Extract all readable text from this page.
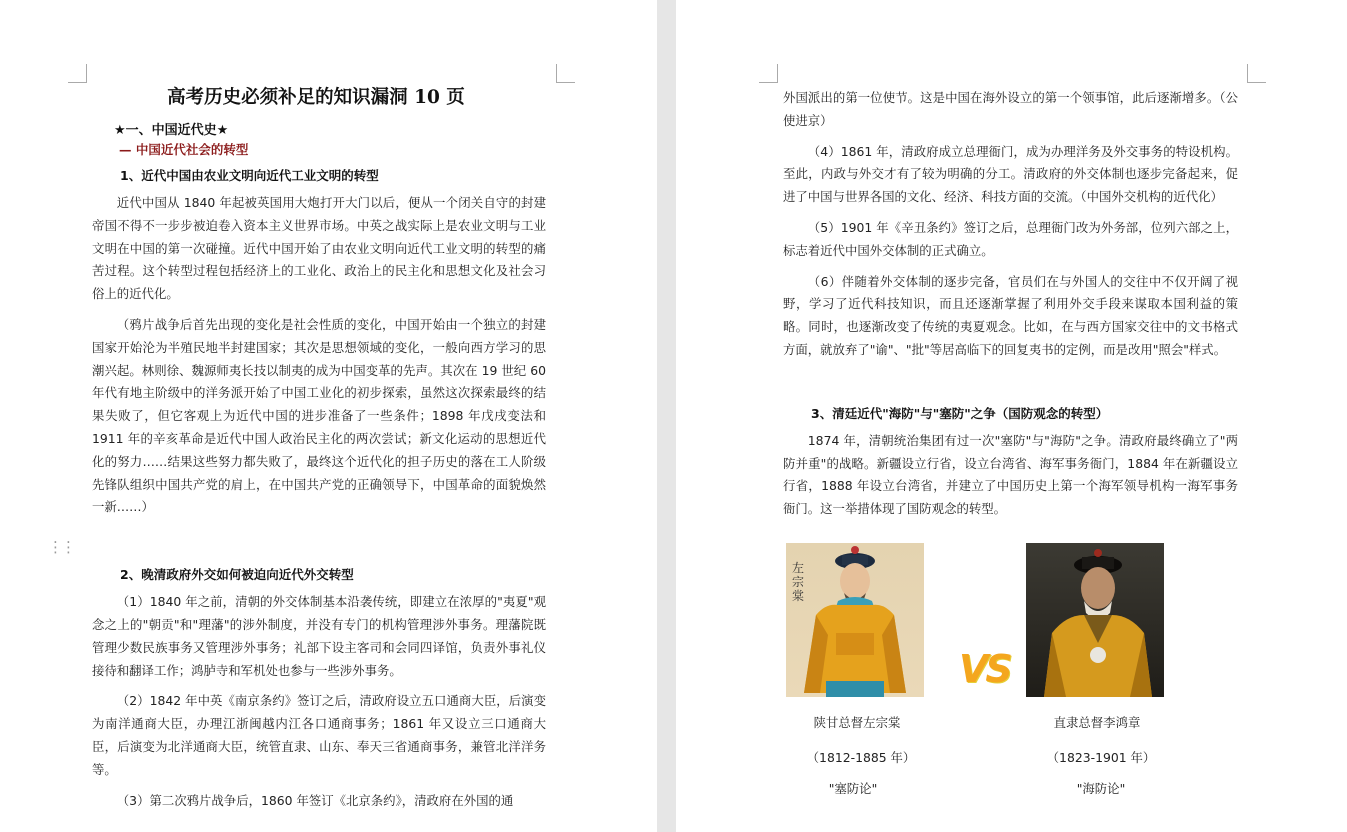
⋮⋮
高考历史必须补足的知识漏洞 10 页
★一、中国近代史★
— 中国近代社会的转型
1、近代中国由农业文明向近代工业文明的转型

近代中国从 1840 年起被英国用大炮打开大门以后，便从一个闭关自守的封建帝国不得不一步步被迫卷入资本主义世界市场。中英之战实际上是农业文明与工业文明在中国的第一次碰撞。近代中国开始了由农业文明向近代工业文明的转型的痛苦过程。这个转型过程包括经济上的工业化、政治上的民主化和思想文化及社会习俗上的近代化。

（鸦片战争后首先出现的变化是社会性质的变化，中国开始由一个独立的封建国家开始沦为半殖民地半封建国家；其次是思想领域的变化，一般向西方学习的思潮兴起。林则徐、魏源师夷长技以制夷的成为中国变革的先声。其次在 19 世纪 60 年代有地主阶级中的洋务派开始了中国工业化的初步探索，虽然这次探索最终的结果失败了，但它客观上为近代中国的进步准备了一些条件；1898 年戊戌变法和 1911 年的辛亥革命是近代中国人政治民主化的两次尝试；新文化运动的思想近代化的努力……结果这些努力都失败了，最终这个近代化的担子历史的落在工人阶级先锋队组织中国共产党的肩上，在中国共产党的正确领导下，中国革命的面貌焕然一新……）

2、晚清政府外交如何被迫向近代外交转型

（1）1840 年之前，清朝的外交体制基本沿袭传统，即建立在浓厚的"夷夏"观念之上的"朝贡"和"理藩"的涉外制度，并没有专门的机构管理涉外事务。理藩院既管理少数民族事务又管理涉外事务；礼部下设主客司和会同四译馆，负责外事礼仪接待和翻译工作；鸿胪寺和军机处也参与一些涉外事务。

（2）1842 年中英《南京条约》签订之后，清政府设立五口通商大臣，后演变为南洋通商大臣，办理江浙闽越内江各口通商事务；1861 年又设立三口通商大臣，后演变为北洋通商大臣，统管直隶、山东、奉天三省通商事务，兼管北洋洋务等。

（3）第二次鸦片战争后，1860 年签订《北京条约》，清政府在外国的通

外国派出的第一位使节。这是中国在海外设立的第一个领事馆，此后逐渐增多。（公使进京）

（4）1861 年，清政府成立总理衙门，成为办理洋务及外交事务的特设机构。至此，内政与外交才有了较为明确的分工。清政府的外交体制也逐步完备起来，促进了中国与世界各国的文化、经济、科技方面的交流。（中国外交机构的近代化）

（5）1901 年《辛丑条约》签订之后，总理衙门改为外务部，位列六部之上，标志着近代中国外交体制的正式确立。

（6）伴随着外交体制的逐步完备，官员们在与外国人的交往中不仅开阔了视野，学习了近代科技知识，而且还逐渐掌握了利用外交手段来谋取本国利益的策略。同时，也逐渐改变了传统的夷夏观念。比如，在与西方国家交往中的文书格式方面，就放弃了"谕"、"批"等居高临下的回复夷书的定例，而是改用"照会"样式。

3、清廷近代"海防"与"塞防"之争（国防观念的转型）

1874 年，清朝统治集团有过一次"塞防"与"海防"之争。清政府最终确立了"两防并重"的战略。新疆设立行省，设立台湾省、海军事务衙门，1884 年在新疆设立行省，1888 年设立台湾省，并建立了中国历史上第一个海军领导机构一海军事务衙门。这一举措体现了国防观念的转型。

左宗棠
VS
陕甘总督左宗棠
（1812-1885 年）
"塞防论"
直隶总督李鸿章
（1823-1901 年）
"海防论"
